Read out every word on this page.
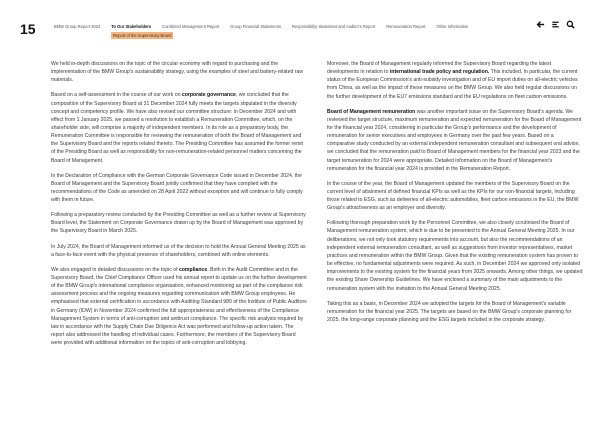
15	BMW Group Report 2024	To Our Stakeholders	Combined Management Report	Group Financial Statements	Responsibility Statement and Auditor's Report	Remuneration Report	Other Information
Report of the Supervisory Board

We held in-depth discussions on the topic of the circular economy with regard to purchasing and the implementation of the BMW Group's sustainability strategy, using the examples of steel and battery-related raw materials.

Based on a self-assessment in the course of our work on corporate governance, we concluded that the composition of the Supervisory Board at 31 December 2024 fully meets the targets stipulated in the diversity concept and competency profile. We have also revised our committee structure: in December 2024 and with effect from 1 January 2025, we passed a resolution to establish a Remuneration Committee, which, on the shareholder side, will comprise a majority of independent members. In its role as a preparatory body, the Remuneration Committee is responsible for reviewing the remuneration of both the Board of Management and the Supervisory Board and the reports related thereto. The Presiding Committee has assumed the former remit of the Presiding Board as well as responsibility for non-remuneration-related personnel matters concerning the Board of Management.

In the Declaration of Compliance with the German Corporate Governance Code issued in December 2024, the Board of Management and the Supervisory Board jointly confirmed that they have complied with the recommendations of the Code as amended on 28 April 2022 without exception and will continue to fully comply with them in future.

Following a preparatory review conducted by the Presiding Committee as well as a further review at Supervisory Board level, the Statement on Corporate Governance drawn up by the Board of Management was approved by the Supervisory Board in March 2025.

In July 2024, the Board of Management informed us of the decision to hold the Annual General Meeting 2025 as a face-to-face event with the physical presence of shareholders, combined with online elements.

We also engaged in detailed discussions on the topic of compliance. Both in the Audit Committee and in the Supervisory Board, the Chief Compliance Officer used his annual report to update us on the further development of the BMW Group's international compliance organisation, enhanced monitoring as part of the compliance risk assessment process and the ongoing measures regarding communication with BMW Group employees. He emphasised that external certification in accordance with Auditing Standard 980 of the Institute of Public Auditors in Germany (IDW) in November 2024 confirmed the full appropriateness and effectiveness of the Compliance Management System in terms of anti-corruption and antitrust compliance. The specific risk analysis required by law in accordance with the Supply Chain Due Diligence Act was performed and follow-up action taken. The report also addressed the handling of individual cases. Furthermore, the members of the Supervisory Board were provided with additional information on the topics of anti-corruption and lobbying.

Moreover, the Board of Management regularly informed the Supervisory Board regarding the latest developments in relation to international trade policy and regulation. This included, in particular, the current status of the European Commission's anti-subsidy investigation and of EU import duties on all-electric vehicles from China, as well as the impact of these measures on the BMW Group. We also held regular discussions on the further development of the EU7 emissions standard and the EU regulations on fleet carbon emissions.

Board of Management remuneration was another important issue on the Supervisory Board's agenda. We reviewed the target structure, maximum remuneration and expected remuneration for the Board of Management for the financial year 2024, considering in particular the Group's performance and the development of remuneration for senior executives and employees in Germany over the past few years. Based on a comparative study conducted by an external independent remuneration consultant and subsequent oral advice, we concluded that the remuneration paid to Board of Management members for the financial year 2023 and the target remuneration for 2024 were appropriate. Detailed information on the Board of Management's remuneration for the financial year 2024 is provided in the Remuneration Report.

In the course of the year, the Board of Management updated the members of the Supervisory Board on the current level of attainment of defined financial KPIs as well as the KPIs for our non-financial targets, including those related to ESG, such as deliveries of all-electric automobiles, fleet carbon emissions in the EU, the BMW Group's attractiveness as an employer and diversity.

Following thorough preparation work by the Personnel Committee, we also closely scrutinised the Board of Management remuneration system, which is due to be presented to the Annual General Meeting 2025. In our deliberations, we not only took statutory requirements into account, but also the recommendations of an independent external remuneration consultant, as well as suggestions from investor representatives, market practices and remuneration within the BMW Group. Given that the existing remuneration system has proven to be effective, no fundamental adjustments were required. As such, in December 2024 we approved only isolated improvements to the existing system for the financial years from 2025 onwards. Among other things, we updated the existing Share Ownership Guidelines. We have enclosed a summary of the main adjustments to the remuneration system with the invitation to the Annual General Meeting 2025.

Taking this as a basis, in December 2024 we adopted the targets for the Board of Management's variable remuneration for the financial year 2025. The targets are based on the BMW Group's corporate planning for 2025, the long-range corporate planning and the ESG targets included in the corporate strategy.
